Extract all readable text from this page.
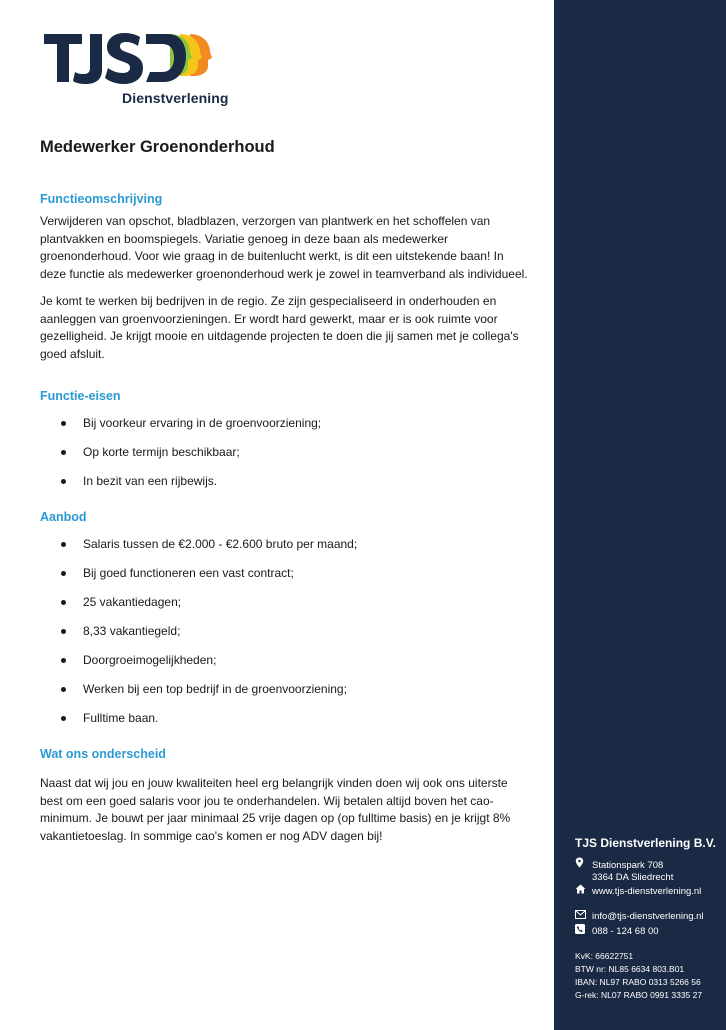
Dienstverlening
Medewerker Groenonderhoud
Functieomschrijving

Verwijderen van opschot, bladblazen, verzorgen van plantwerk en het schoffelen van plantvakken en boomspiegels. Variatie genoeg in deze baan als medewerker groenonderhoud. Voor wie graag in de buitenlucht werkt, is dit een uitstekende baan! In deze functie als medewerker groenonderhoud werk je zowel in teamverband als individueel.

Je komt te werken bij bedrijven in de regio. Ze zijn gespecialiseerd in onderhouden en aanleggen van groenvoorzieningen. Er wordt hard gewerkt, maar er is ook ruimte voor gezelligheid. Je krijgt mooie en uitdagende projecten te doen die jij samen met je collega's goed afsluit.

Functie-eisen
Bij voorkeur ervaring in de groenvoorziening;
Op korte termijn beschikbaar;
In bezit van een rijbewijs.
Aanbod
Salaris tussen de €2.000 - €2.600 bruto per maand;
Bij goed functioneren een vast contract;
25 vakantiedagen;
8,33 vakantiegeld;
Doorgroeimogelijkheden;
Werken bij een top bedrijf in de groenvoorziening;
Fulltime baan.
Wat ons onderscheid

Naast dat wij jou en jouw kwaliteiten heel erg belangrijk vinden doen wij ook ons uiterste best om een goed salaris voor jou te onderhandelen. Wij betalen altijd boven het cao-minimum. Je bouwt per jaar minimaal 25 vrije dagen op (op fulltime basis) en je krijgt 8% vakantietoeslag. In sommige cao's komen er nog ADV dagen bij!

TJS Dienstverlening B.V.
Stationspark 708
3364 DA Sliedrecht
www.tjs-dienstverlening.nl
info@tjs-dienstverlening.nl
088 - 124 68 00
KvK: 66622751
BTW nr: NL85 6634 803.B01
IBAN: NL97 RABO 0313 5266 56
G-rek: NL07 RABO 0991 3335 27
